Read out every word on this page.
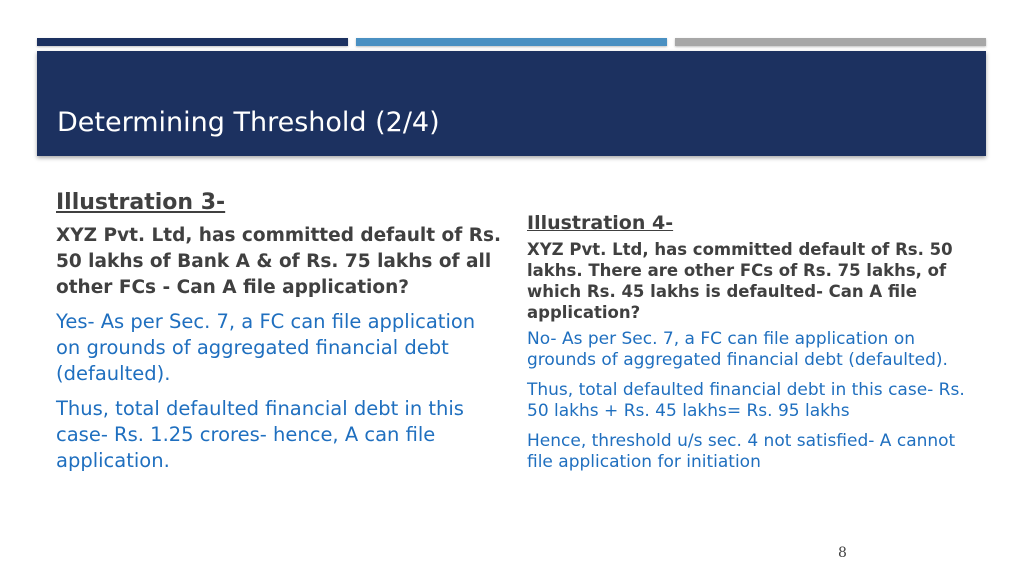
Determining Threshold (2/4)
Illustration 3-
XYZ Pvt. Ltd, has committed default of Rs. 50 lakhs of Bank A & of Rs. 75 lakhs of all other FCs - Can A file application?
Yes- As per Sec. 7, a FC can file application on grounds of aggregated financial debt (defaulted).
Thus, total defaulted financial debt in this case- Rs. 1.25 crores- hence, A can file application.
Illustration 4-
XYZ Pvt. Ltd, has committed default of Rs. 50 lakhs. There are other FCs of Rs. 75 lakhs, of which Rs. 45 lakhs is defaulted- Can A file application?
No- As per Sec. 7, a FC can file application on grounds of aggregated financial debt (defaulted).
Thus, total defaulted financial debt in this case- Rs. 50 lakhs + Rs. 45 lakhs= Rs. 95 lakhs
Hence, threshold u/s sec. 4 not satisfied- A cannot file application for initiation
8
